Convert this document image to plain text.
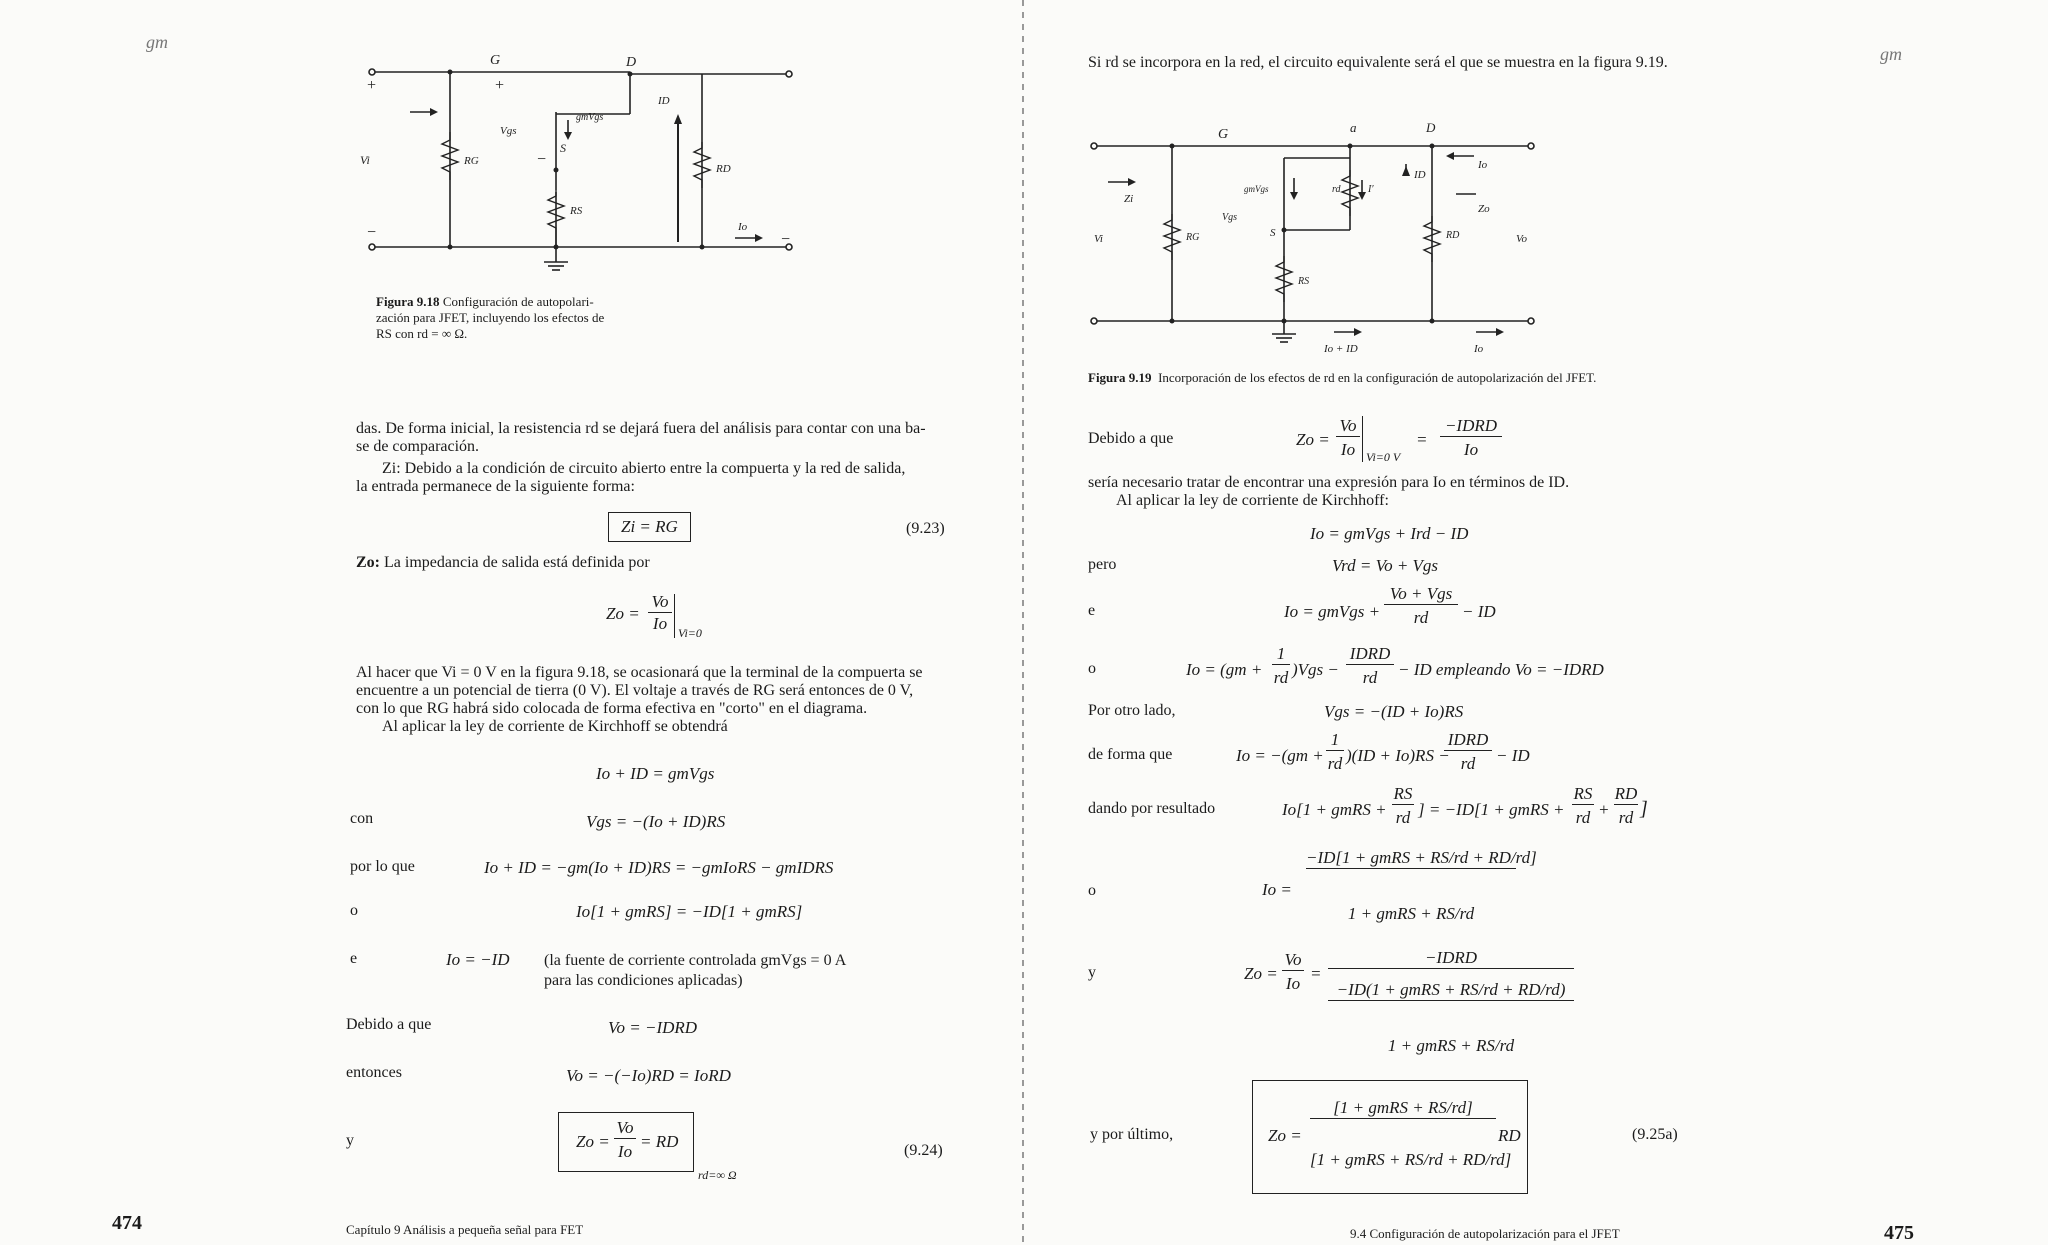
gm
gm
G	D
+	+
−
−	−
Vi	RG
Vgs
S
gmVgs
RS
ID
RD
Io
Figura 9.18 Configuración de autopolari-
zación para JFET, incluyendo los efectos de
RS con rd = ∞ Ω.
das. De forma inicial, la resistencia rd se dejará fuera del análisis para contar con una ba-
se de comparación.
Zi: Debido a la condición de circuito abierto entre la compuerta y la red de salida,
la entrada permanece de la siguiente forma:
Zi = RG	(9.23)
Zo: La impedancia de salida está definida por
Zo =
Vo
Io Vi=0
Al hacer que Vi = 0 V en la figura 9.18, se ocasionará que la terminal de la compuerta se
encuentre a un potencial de tierra (0 V). El voltaje a través de RG será entonces de 0 V,
con lo que RG habrá sido colocada de forma efectiva en "corto" en el diagrama.
Al aplicar la ley de corriente de Kirchhoff se obtendrá
Io + ID = gmVgs
con	Vgs = −(Io + ID)RS
por lo que	Io + ID = −gm(Io + ID)RS = −gmIoRS − gmIDRS
o	Io[1 + gmRS] = −ID[1 + gmRS]
e	Io = −ID (la fuente de corriente controlada gmVgs = 0 A
para las condiciones aplicadas)
Debido a que	Vo = −IDRD
entonces	Vo = −(−Io)RD = IoRD
y	Zo =
Vo
Io
= RD
rd=∞ Ω
(9.24)
474	Capítulo 9 Análisis a pequeña señal para FET
Si rd se incorpora en la red, el circuito equivalente será el que se muestra en la figura 9.19.
G	a	D
Io
Zi
Zo
gmVgs	rd	I′
ID
Vgs
S
RG	RD
Vi	Vo
RS
Io + ID	Io
Figura 9.19 Incorporación de los efectos de rd en la configuración de autopolarización del JFET.
Debido a que	Zo =
Vo
Io Vi=0 V
=
−IDRD
Io
sería necesario tratar de encontrar una expresión para Io en términos de ID.
Al aplicar la ley de corriente de Kirchhoff:
Io = gmVgs + Ird − ID
pero	Vrd = Vo + Vgs
e	Io = gmVgs +
Vo + Vgs
rd	− ID
o	Io = (gm +
1
rd )Vgs −
IDRD
rd	− ID empleando Vo = −IDRD
Por otro lado,	Vgs = −(ID + Io)RS
de forma que	Io = −(gm +
1
rd )(ID + Io)RS −
IDRD
rd	− ID
dando por resultado	Io[1 + gmRS +
RS
rd ] = −ID[1 + gmRS +
RS
rd +
RD
rd ]
o	Io =
−ID[1 + gmRS + RS/rd + RD/rd]
1 + gmRS + RS/rd
y	Zo =
Vo
Io
=
−IDRD
−ID(1 + gmRS + RS/rd + RD/rd)
1 + gmRS + RS/rd
y por último,	Zo =
[1 + gmRS + RS/rd]
[1 + gmRS + RS/rd + RD/rd]
RD	(9.25a)
9.4 Configuración de autopolarización para el JFET	475
